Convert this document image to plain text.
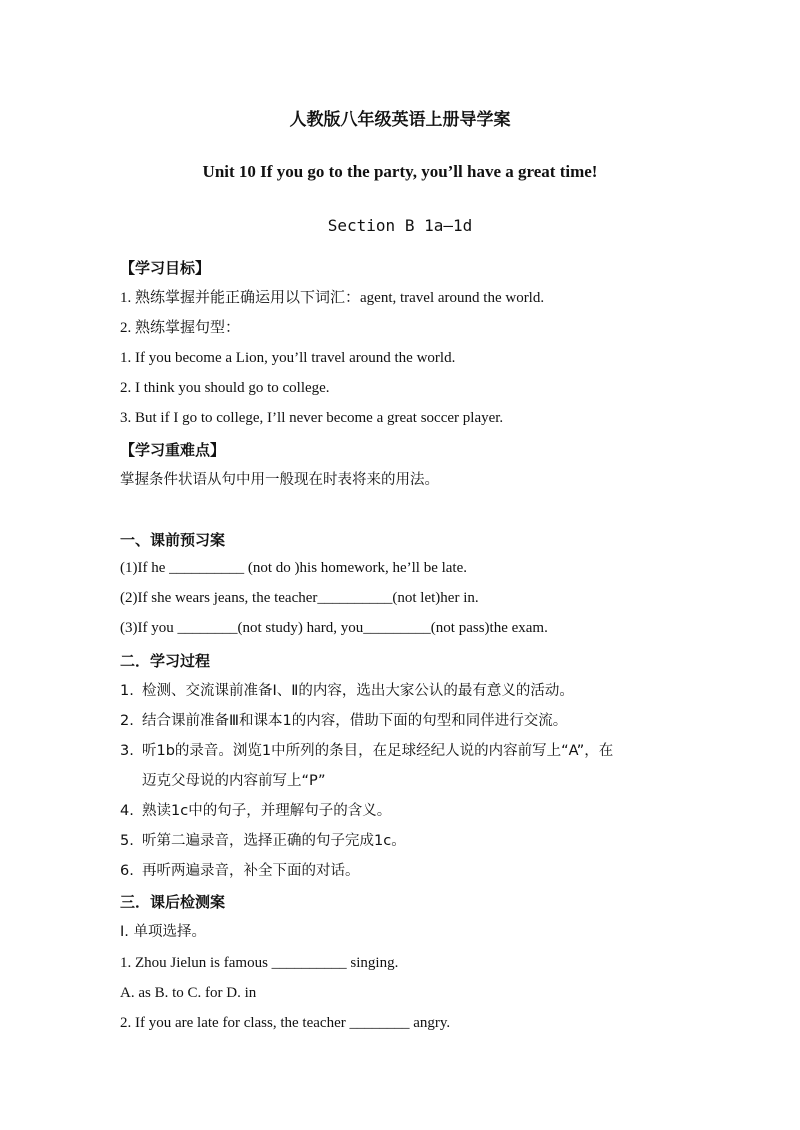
人教版八年级英语上册导学案
Unit 10 If you go to the party, you’ll have a great time!
Section B 1a—1d
【学习目标】
1. 熟练掌握并能正确运用以下词汇：agent, travel around the world.
2. 熟练掌握句型：
1. If you become a Lion, you’ll travel around the world.
2. I think you should go to college.
3. But if I go to college, I’ll never become a great soccer player.
【学习重难点】
掌握条件状语从句中用一般现在时表将来的用法。
一、课前预习案
(1)If he __________ (not do )his homework, he’ll be late.
(2)If she wears jeans, the teacher__________(not let)her in.
(3)If you ________(not study) hard, you_________(not pass)the exam.
二．学习过程
1. 检测、交流课前准备Ⅰ、Ⅱ的内容，选出大家公认的最有意义的活动。
2. 结合课前准备Ⅲ和课本1的内容，借助下面的句型和同伴进行交流。
3. 听1b的录音。浏览1中所列的条目，在足球经纪人说的内容前写上“A”，在
迈克父母说的内容前写上“P”
4. 熟读1c中的句子，并理解句子的含义。
5. 听第二遍录音，选择正确的句子完成1c。
6. 再听两遍录音，补全下面的对话。
三．课后检测案
Ⅰ. 单项选择。
1. Zhou Jielun is famous __________ singing.
A. as B. to C. for D. in
2. If you are late for class, the teacher ________ angry.
